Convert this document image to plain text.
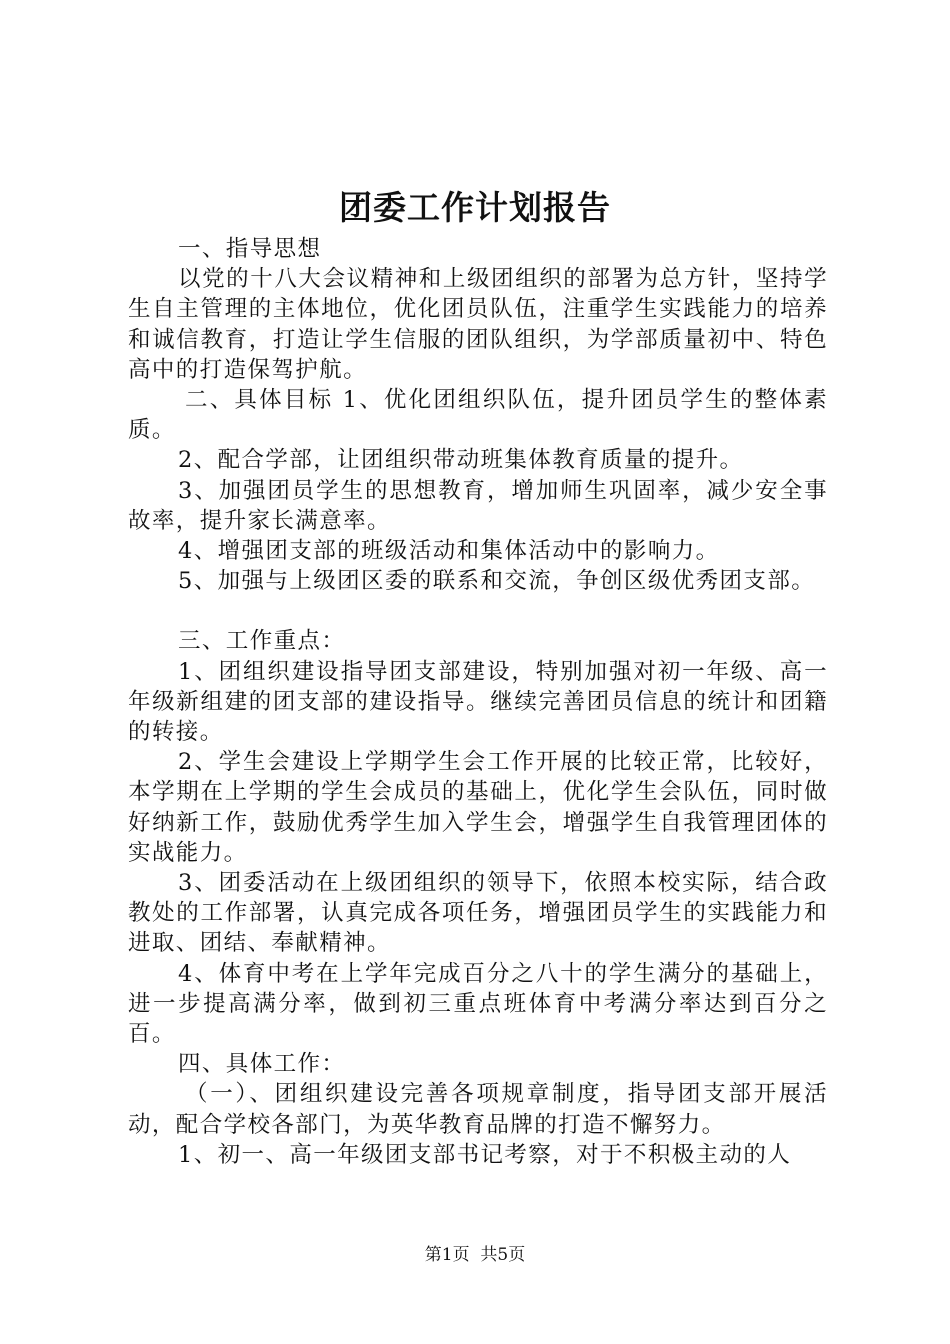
团委工作计划报告

一、指导思想

以党的十八大会议精神和上级团组织的部署为总方针，坚持学生自主管理的主体地位，优化团员队伍，注重学生实践能力的培养和诚信教育，打造让学生信服的团队组织，为学部质量初中、特色高中的打造保驾护航。

二、具体目标 1、优化团组织队伍，提升团员学生的整体素质。

2、配合学部，让团组织带动班集体教育质量的提升。

3、加强团员学生的思想教育，增加师生巩固率，减少安全事故率，提升家长满意率。

4、增强团支部的班级活动和集体活动中的影响力。

5、加强与上级团区委的联系和交流，争创区级优秀团支部。

三、工作重点：

1、团组织建设指导团支部建设，特别加强对初一年级、高一年级新组建的团支部的建设指导。继续完善团员信息的统计和团籍的转接。

2、学生会建设上学期学生会工作开展的比较正常，比较好，本学期在上学期的学生会成员的基础上，优化学生会队伍，同时做好纳新工作，鼓励优秀学生加入学生会，增强学生自我管理团体的实战能力。

3、团委活动在上级团组织的领导下，依照本校实际，结合政教处的工作部署，认真完成各项任务，增强团员学生的实践能力和进取、团结、奉献精神。

4、体育中考在上学年完成百分之八十的学生满分的基础上，进一步提高满分率，做到初三重点班体育中考满分率达到百分之百。

四、具体工作：

（一）、团组织建设完善各项规章制度，指导团支部开展活动，配合学校各部门，为英华教育品牌的打造不懈努力。

1、初一、高一年级团支部书记考察，对于不积极主动的人

第1页  共5页
